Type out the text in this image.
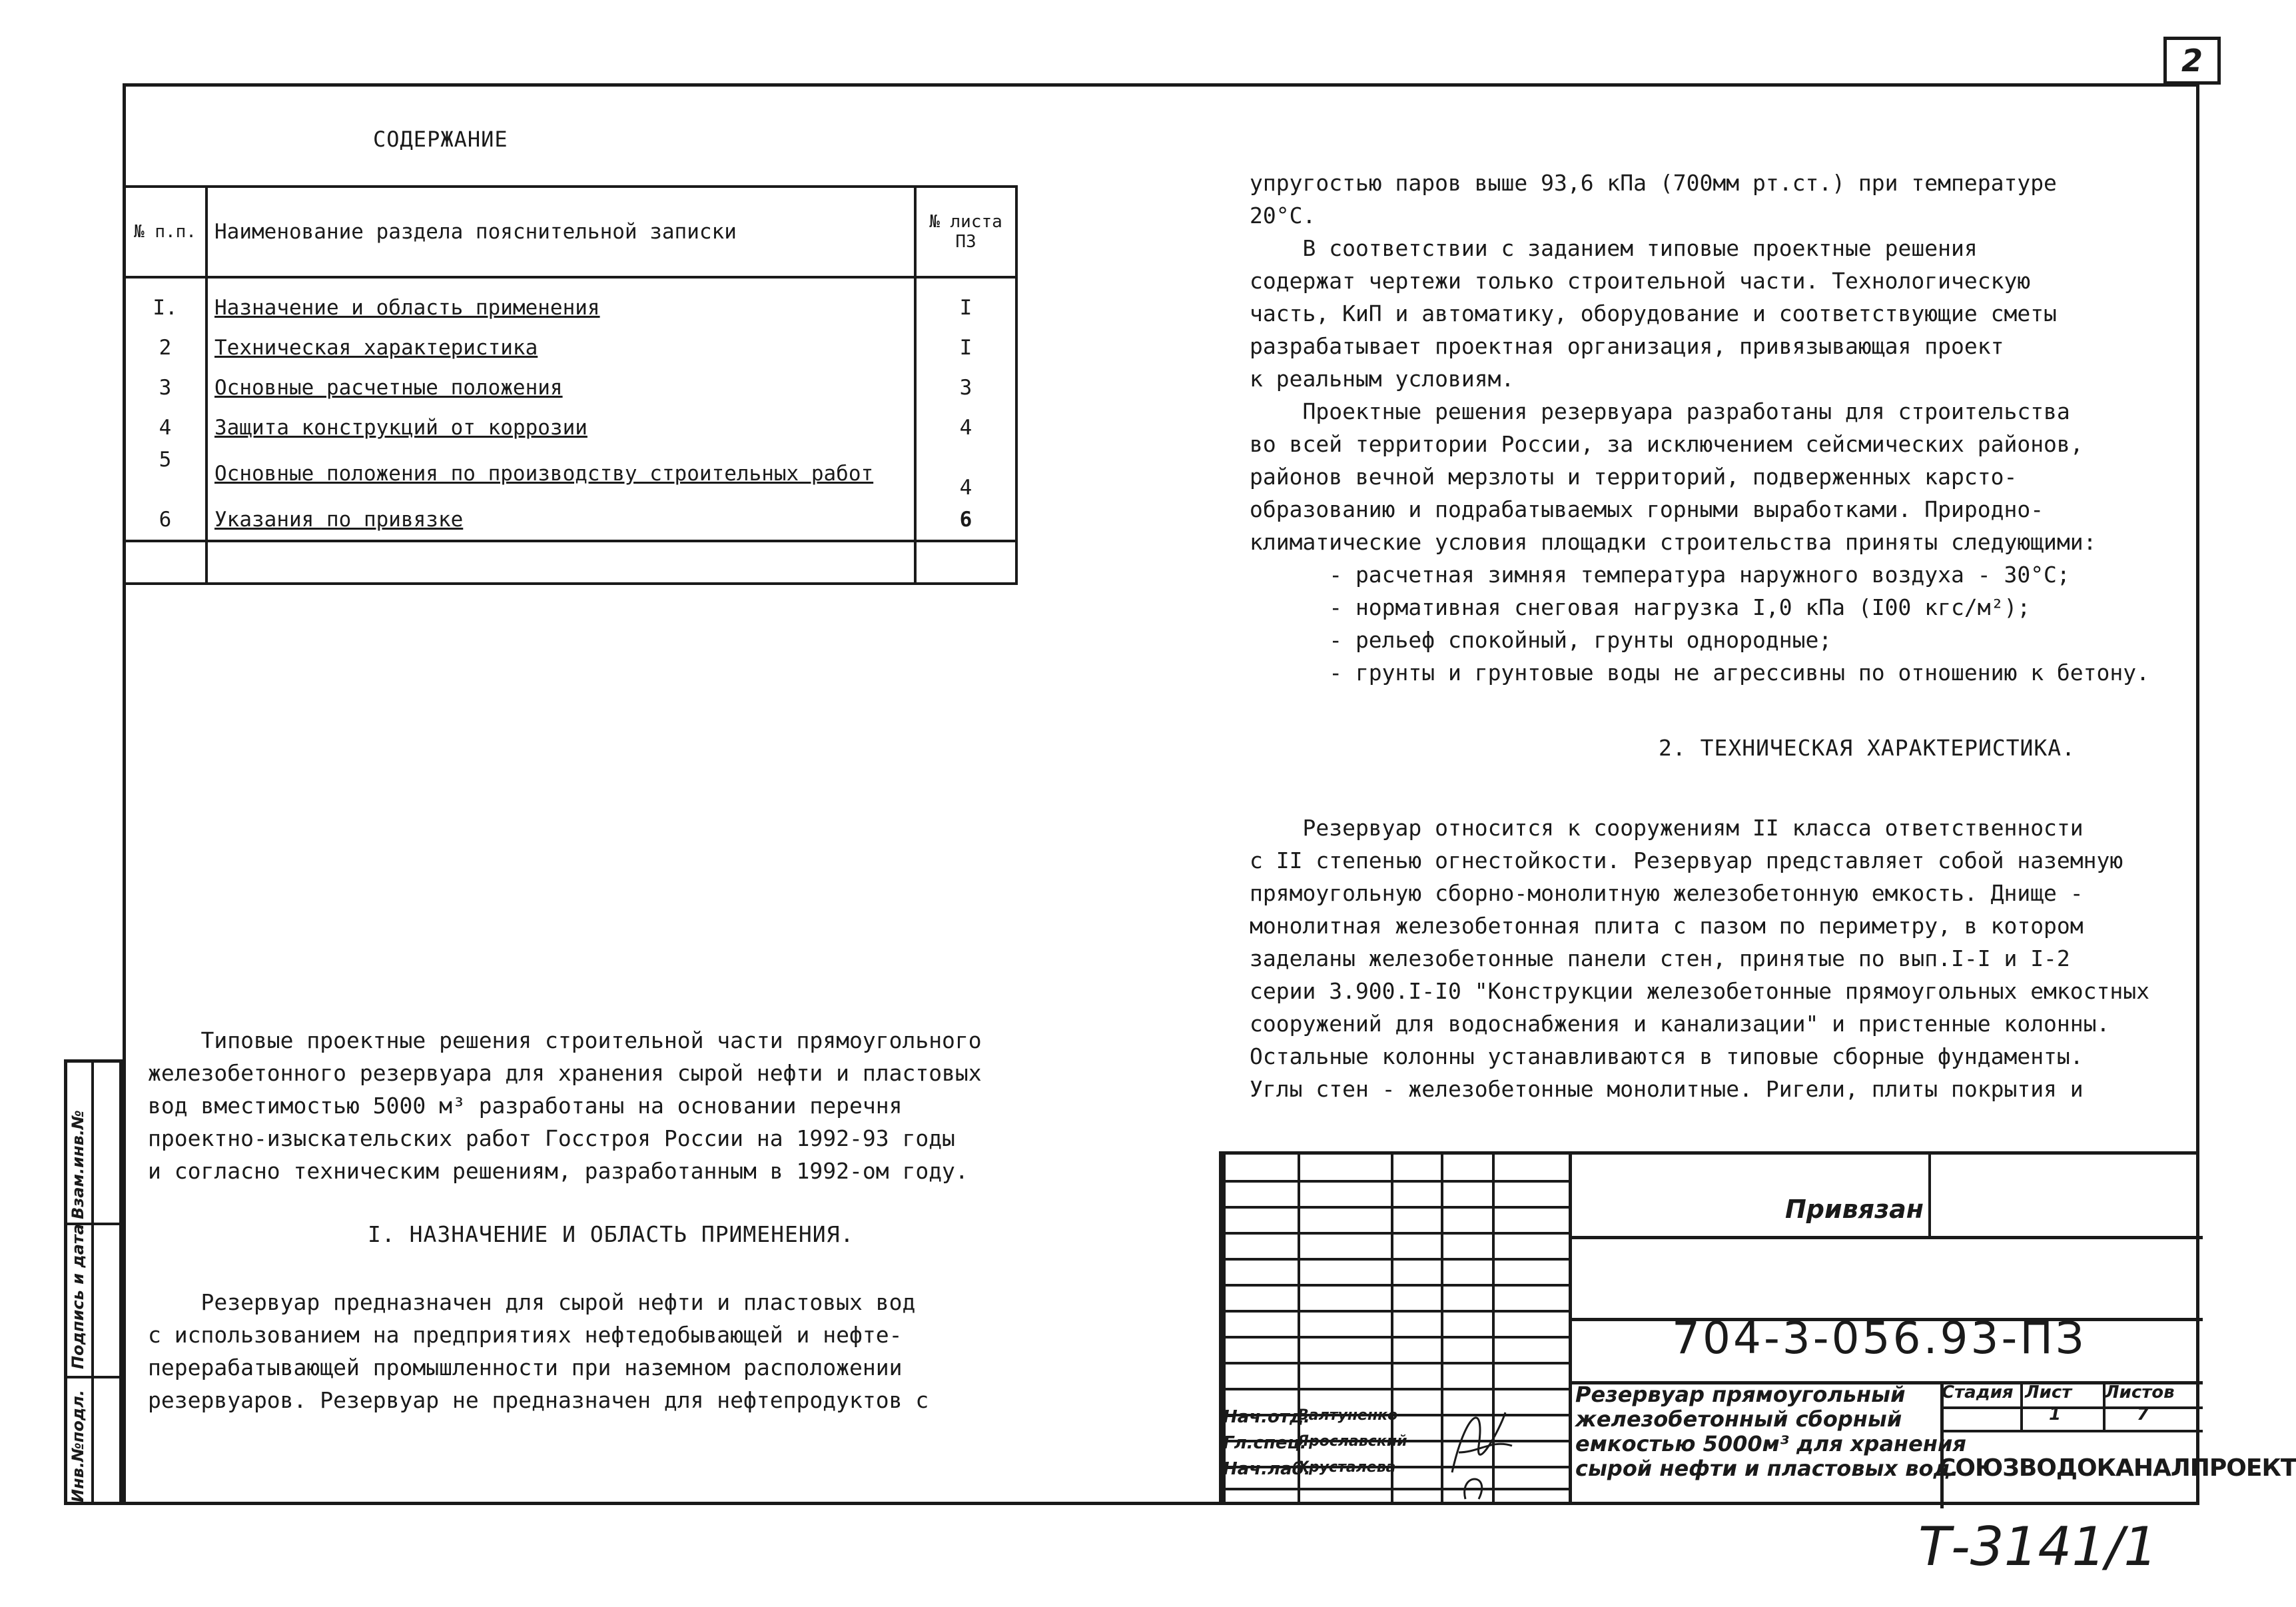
2
Инв.№подл.
Подпись и дата
Взам.инв.№
СОДЕРЖАНИЕ
№ п.п.	Наименование раздела пояснительной записки	№ листа ПЗ
I.	Назначение и область применения	I
2	Техническая характеристика	I
3	Основные расчетные положения	3
4	Защита конструкций от коррозии	4
5	Основные положения по производству строительных работ	4
6	Указания по привязке	6

Типовые проектные решения строительной части прямоугольного
железобетонного резервуара для хранения сырой нефти и пластовых
вод вместимостью 5000 м³ разработаны на основании перечня
проектно-изыскательских работ Госстроя России на 1992-93 годы
и согласно техническим решениям, разработанным в 1992-ом году.
I. НАЗНАЧЕНИЕ И ОБЛАСТЬ ПРИМЕНЕНИЯ.
Резервуар предназначен для сырой нефти и пластовых вод
с использованием на предприятиях нефтедобывающей и нефте-
перерабатывающей промышленности при наземном расположении
резервуаров. Резервуар не предназначен для нефтепродуктов с
упругостью паров выше 93,6 кПа (700мм рт.ст.) при температуре
20°С.
В соответствии с заданием типовые проектные решения
содержат чертежи только строительной части. Технологическую
часть, КиП и автоматику, оборудование и соответствующие сметы
разрабатывает проектная организация, привязывающая проект
к реальным условиям.
Проектные решения резервуара разработаны для строительства
во всей территории России, за исключением сейсмических районов,
районов вечной мерзлоты и территорий, подверженных карсто-
образованию и подрабатываемых горными выработками. Природно-
климатические условия площадки строительства приняты следующими:
- расчетная зимняя температура наружного воздуха - 30°С;
- нормативная снеговая нагрузка I,0 кПа (I00 кгс/м²);
- рельеф спокойный, грунты однородные;
- грунты и грунтовые воды не агрессивны по отношению к бетону.
2. ТЕХНИЧЕСКАЯ ХАРАКТЕРИСТИКА.
Резервуар относится к сооружениям II класса ответственности
с II степенью огнестойкости. Резервуар представляет собой наземную
прямоугольную сборно-монолитную железобетонную емкость. Днище -
монолитная железобетонная плита с пазом по периметру, в котором
заделаны железобетонные панели стен, принятые по вып.I-I и I-2
серии 3.900.I-I0 "Конструкции железобетонные прямоугольных емкостных
сооружений для водоснабжения и канализации" и пристенные колонны.
Остальные колонны устанавливаются в типовые сборные фундаменты.
Углы стен - железобетонные монолитные. Ригели, плиты покрытия и
Привязан
704-3-056.93-ПЗ
Нач.отд.
Гл.спец.
Нач.лаб.
Валтуненко
Ярославский
Хрусталева
Резервуар прямоугольный
железобетонный сборный
емкостью 5000м³ для хранения
сырой нефти и пластовых вод.
Стадия Лист Листов
1	7
СОЮЗВОДОКАНАЛПРОЕКТ
Т-3141/1
